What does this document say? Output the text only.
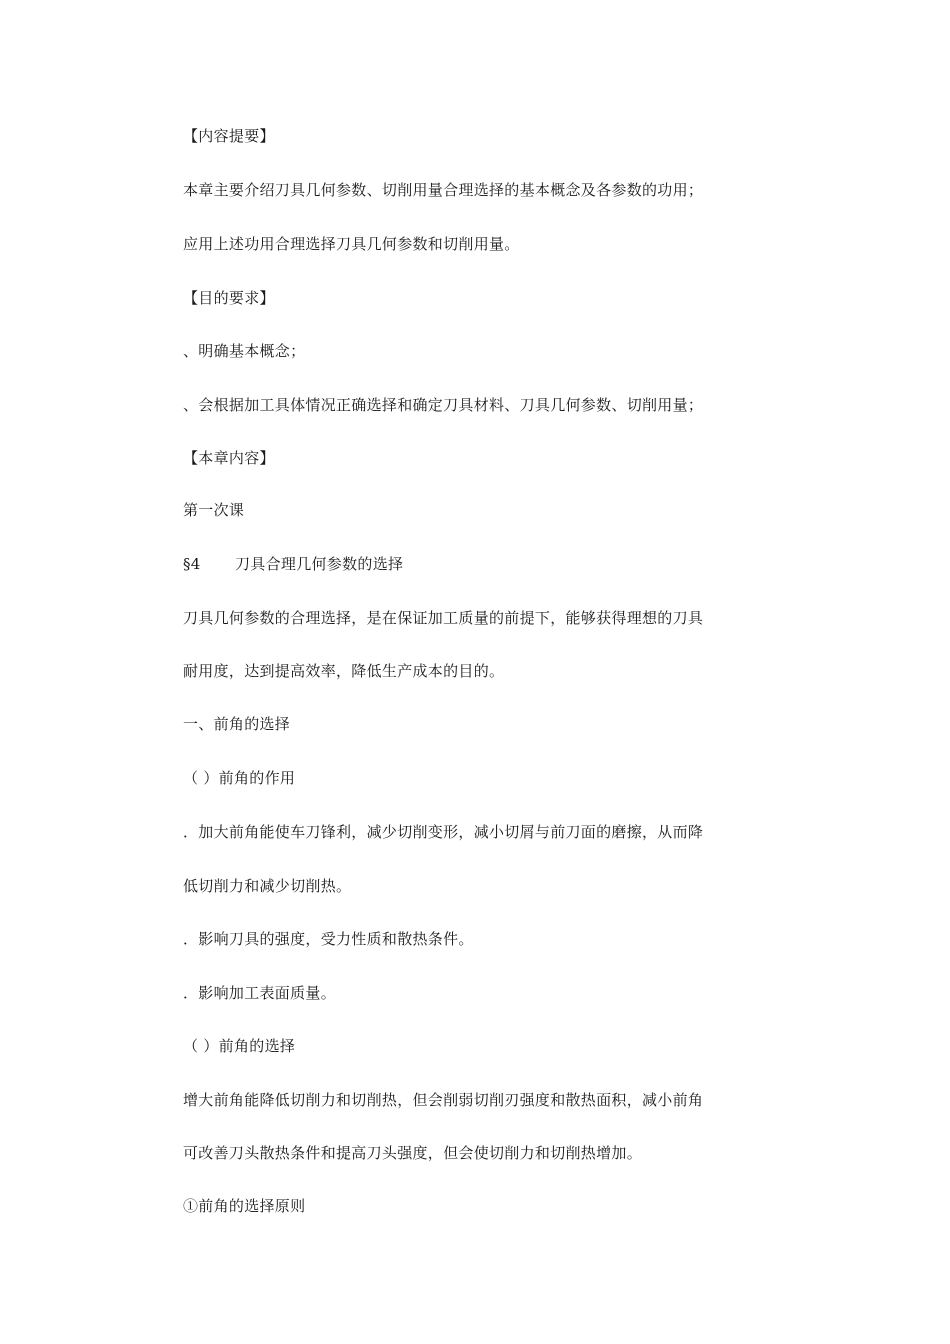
【内容提要】
本章主要介绍刀具几何参数、切削用量合理选择的基本概念及各参数的功用；
应用上述功用合理选择刀具几何参数和切削用量。
【目的要求】
、明确基本概念；
、会根据加工具体情况正确选择和确定刀具材料、刀具几何参数、切削用量；
【本章内容】
第一次课
§4 刀具合理几何参数的选择
刀具几何参数的合理选择，是在保证加工质量的前提下，能够获得理想的刀具
耐用度，达到提高效率，降低生产成本的目的。
一、前角的选择
（ ）前角的作用
．加大前角能使车刀锋利，减少切削变形，减小切屑与前刀面的磨擦，从而降
低切削力和减少切削热。
．影响刀具的强度，受力性质和散热条件。
．影响加工表面质量。
（ ）前角的选择
增大前角能降低切削力和切削热，但会削弱切削刃强度和散热面积，减小前角
可改善刀头散热条件和提高刀头强度，但会使切削力和切削热增加。
①前角的选择原则
